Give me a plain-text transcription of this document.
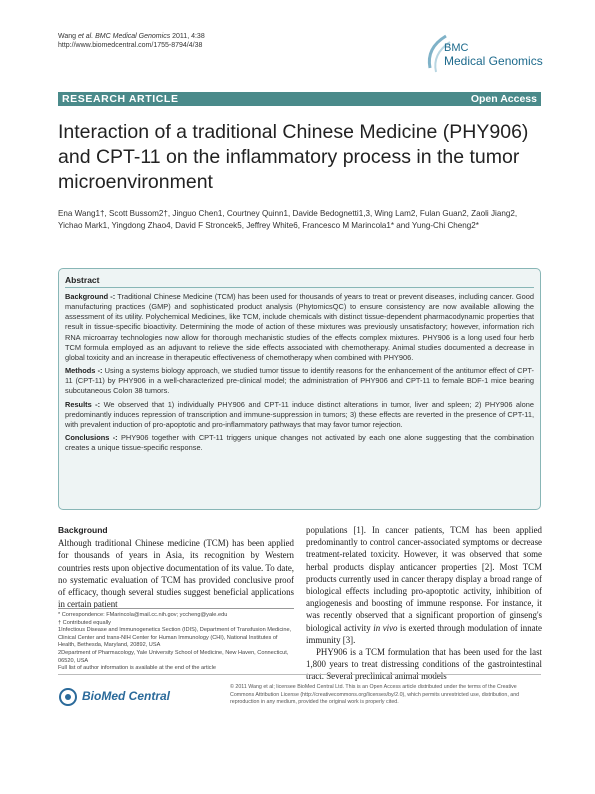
Wang et al. BMC Medical Genomics 2011, 4:38
http://www.biomedcentral.com/1755-8794/4/38	BMC
Medical Genomics
RESEARCH ARTICLE	Open Access
Interaction of a traditional Chinese Medicine (PHY906) and CPT-11 on the inflammatory process in the tumor microenvironment
Ena Wang1†, Scott Bussom2†, Jinguo Chen1, Courtney Quinn1, Davide Bedognetti1,3, Wing Lam2, Fulan Guan2, Zaoli Jiang2, Yichao Mark1, Yingdong Zhao4, David F Stroncek5, Jeffrey White6, Francesco M Marincola1* and Yung-Chi Cheng2*
Abstract

Background -: Traditional Chinese Medicine (TCM) has been used for thousands of years to treat or prevent diseases, including cancer. Good manufacturing practices (GMP) and sophisticated product analysis (PhytomicsQC) to ensure consistency are now available allowing the assessment of its utility. Polychemical Medicines, like TCM, include chemicals with distinct tissue-dependent pharmacodynamic properties that result in tissue-specific bioactivity. Determining the mode of action of these mixtures was previously unsatisfactory; however, information rich RNA microarray technologies now allow for thorough mechanistic studies of the effects complex mixtures. PHY906 is a long used four herb TCM formula employed as an adjuvant to relieve the side effects associated with chemotherapy. Animal studies documented a decrease in global toxicity and an increase in therapeutic effectiveness of chemotherapy when combined with PHY906.

Methods -: Using a systems biology approach, we studied tumor tissue to identify reasons for the enhancement of the antitumor effect of CPT-11 (CPT-11) by PHY906 in a well-characterized pre-clinical model; the administration of PHY906 and CPT-11 to female BDF-1 mice bearing subcutaneous Colon 38 tumors.

Results -: We observed that 1) individually PHY906 and CPT-11 induce distinct alterations in tumor, liver and spleen; 2) PHY906 alone predominantly induces repression of transcription and immune-suppression in tumors; 3) these effects are reverted in the presence of CPT-11, with prevalent induction of pro-apoptotic and pro-inflammatory pathways that may favor tumor rejection.

Conclusions -: PHY906 together with CPT-11 triggers unique changes not activated by each one alone suggesting that the combination creates a unique tissue-specific response.

Background

Although traditional Chinese medicine (TCM) has been applied for thousands of years in Asia, its recognition by Western countries rests upon objective documentation of its value. To date, no systematic evaluation of TCM has provided conclusive proof of efficacy, though several studies suggest beneficial applications in certain patient

* Correspondence: FMarincola@mail.cc.nih.gov; yccheng@yale.edu

† Contributed equally

1Infectious Disease and Immunogenetics Section (IDIS), Department of Transfusion Medicine, Clinical Center and trans-NIH Center for Human Immunology (CHI), National Institutes of Health, Bethesda, Maryland, 20892, USA

2Department of Pharmacology, Yale University School of Medicine, New Haven, Connecticut, 06520, USA

Full list of author information is available at the end of the article

populations [1]. In cancer patients, TCM has been applied predominantly to control cancer-associated symptoms or decrease treatment-related toxicity. However, it was observed that some herbal products display anticancer properties [2]. Most TCM products currently used in cancer therapy display a broad range of biological effects including pro-apoptotic activity, inhibition of angiogenesis and boosting of immune response. For instance, it was recently observed that a significant proportion of ginseng's biological activity in vivo is exerted through modulation of innate immunity [3].

PHY906 is a TCM formulation that has been used for the last 1,800 years to treat distressing conditions of the gastrointestinal tract. Several preclinical animal models

BioMed Central
© 2011 Wang et al; licensee BioMed Central Ltd. This is an Open Access article distributed under the terms of the Creative Commons Attribution License (http://creativecommons.org/licenses/by/2.0), which permits unrestricted use, distribution, and reproduction in any medium, provided the original work is properly cited.
